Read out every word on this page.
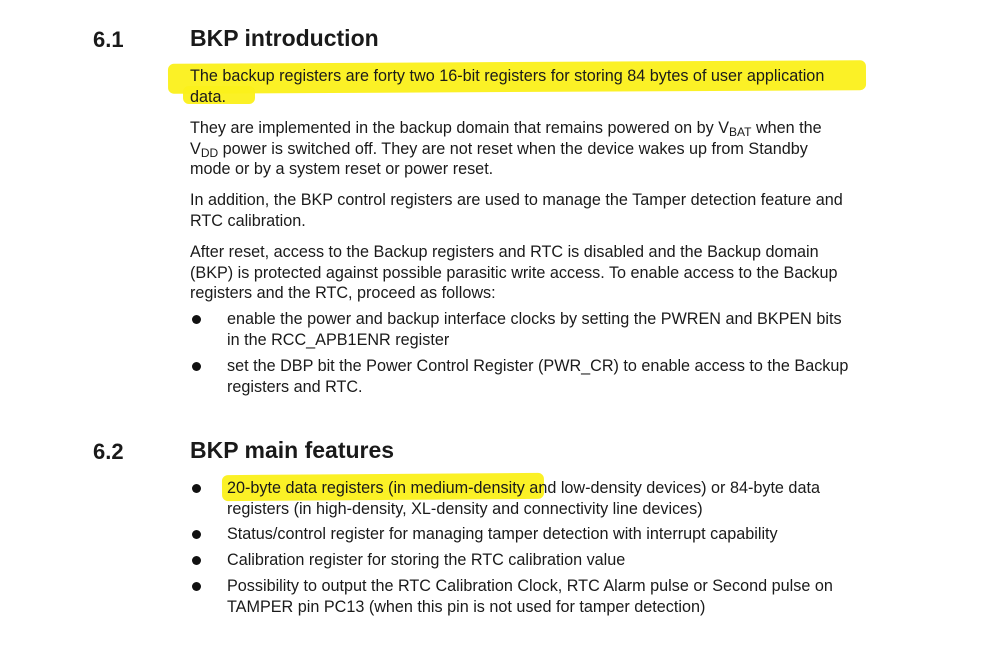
6.1	BKP introduction
The backup registers are forty two 16-bit registers for storing 84 bytes of user application
data.
They are implemented in the backup domain that remains powered on by $V_{BAT}$ when the
$V_{DD}$ power is switched off. They are not reset when the device wakes up from Standby
mode or by a system reset or power reset.
In addition, the BKP control registers are used to manage the Tamper detection feature and
RTC calibration.
After reset, access to the Backup registers and RTC is disabled and the Backup domain
(BKP) is protected against possible parasitic write access. To enable access to the Backup
registers and the RTC, proceed as follows:
enable the power and backup interface clocks by setting the PWREN and BKPEN bits
in the RCC_APB1ENR register
set the DBP bit the Power Control Register (PWR_CR) to enable access to the Backup
registers and RTC.
6.2	BKP main features
20-byte data registers (in medium-density and low-density devices) or 84-byte data
registers (in high-density, XL-density and connectivity line devices)
Status/control register for managing tamper detection with interrupt capability
Calibration register for storing the RTC calibration value
Possibility to output the RTC Calibration Clock, RTC Alarm pulse or Second pulse on
TAMPER pin PC13 (when this pin is not used for tamper detection)
